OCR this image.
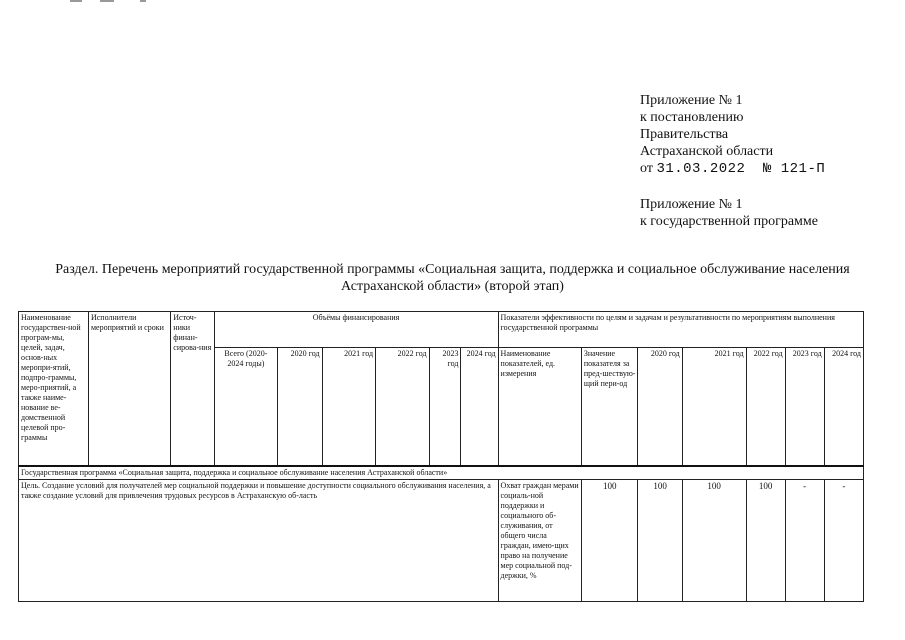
Приложение № 1
к постановлению
Правительства
Астраханской области
от 31.03.2022 № 121-П
Приложение № 1
к государственной программе
Раздел. Перечень мероприятий государственной программы «Социальная защита, поддержка и социальное обслуживание населения Астраханской области» (второй этап)
Наименование государствен-ной програм-мы, целей, задач, основ-ных меропри-ятий, подпро-граммы, меро-приятий, а также наиме-нование ве-домственной целевой про-граммы	Исполнители мероприятий и сроки	Источ-ники финан-сирова-ния	Объёмы финансирования						Показатели эффективности по целям и задачам и результативности по мероприятиям выполнения государственной программы						
			Всего (2020-2024 годы)	2020 год	2021 год	2022 год	2023 год	2024 год	Наименование показателей, ед. измерения	Значение показателя за пред-шествую-щий пери-од	2020 год	2021 год	2022 год	2023 год	2024 год
Государственная программа «Социальная защита, поддержка и социальное обслуживание населения Астраханской области»															
Цель. Создание условий для получателей мер социальной поддержки и повышение доступности социального обслуживания населения, а также создание условий для привлечения трудовых ресурсов в Астраханскую об-ласть									Охват граждан мерами социаль-ной поддержки и социального об-служивания, от общего числа граждан, имею-щих право на получение мер социальной под-держки, %	100	100	100	100	-	-
